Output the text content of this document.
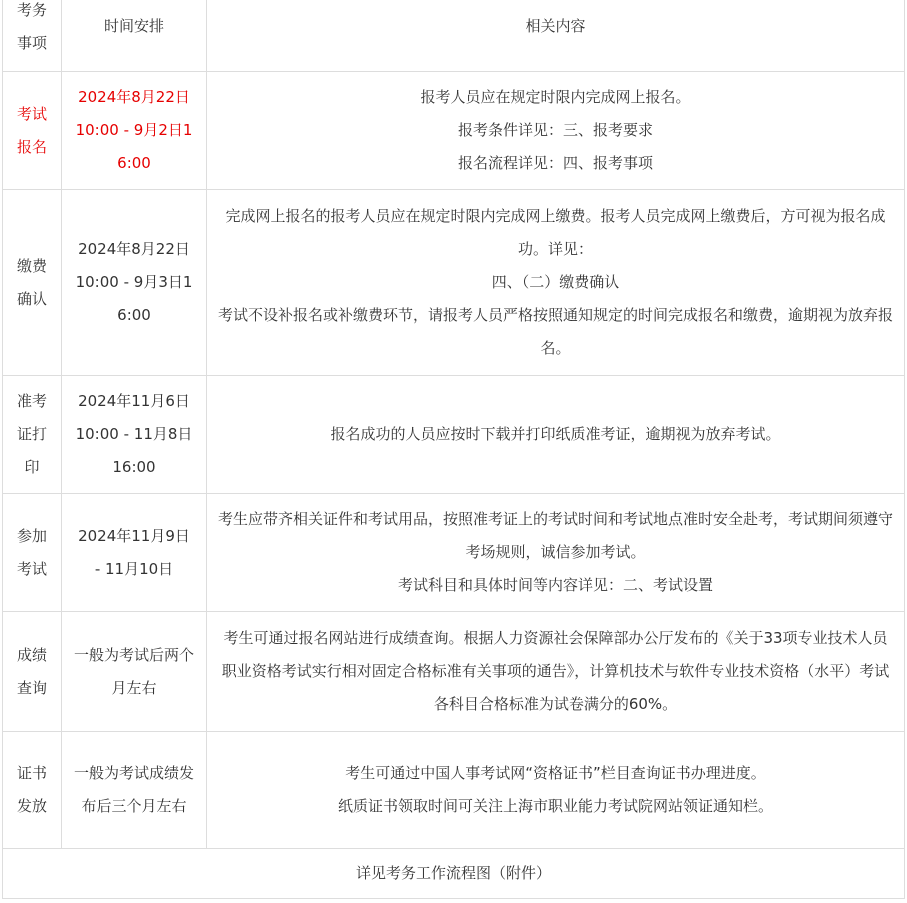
考务事项	时间安排	相关内容
考试报名	2024年8月22日10:00 - 9月2日16:00	报考人员应在规定时限内完成网上报名。
报考条件详见：三、报考要求
报名流程详见：四、报考事项

缴费确认	2024年8月22日10:00 - 9月3日16:00	完成网上报名的报考人员应在规定时限内完成网上缴费。报考人员完成网上缴费后，方可视为报名成功。详见：
四、（二）缴费确认
考试不设补报名或补缴费环节，请报考人员严格按照通知规定的时间完成报名和缴费，逾期视为放弃报名。

准考证打印	2024年11月6日10:00 - 11月8日16:00	报名成功的人员应按时下载并打印纸质准考证，逾期视为放弃考试。

参加考试	2024年11月9日 - 11月10日	考生应带齐相关证件和考试用品，按照准考证上的考试时间和考试地点准时安全赴考，考试期间须遵守考场规则，诚信参加考试。
考试科目和具体时间等内容详见：二、考试设置

成绩查询	一般为考试后两个月左右	考生可通过报名网站进行成绩查询。根据人力资源社会保障部办公厅发布的《关于33项专业技术人员职业资格考试实行相对固定合格标准有关事项的通告》，计算机技术与软件专业技术资格（水平）考试各科目合格标准为试卷满分的60%。

证书发放	一般为考试成绩发布后三个月左右	考生可通过中国人事考试网“资格证书”栏目查询证书办理进度。
纸质证书领取时间可关注上海市职业能力考试院网站领证通知栏。

详见考务工作流程图（附件）		
